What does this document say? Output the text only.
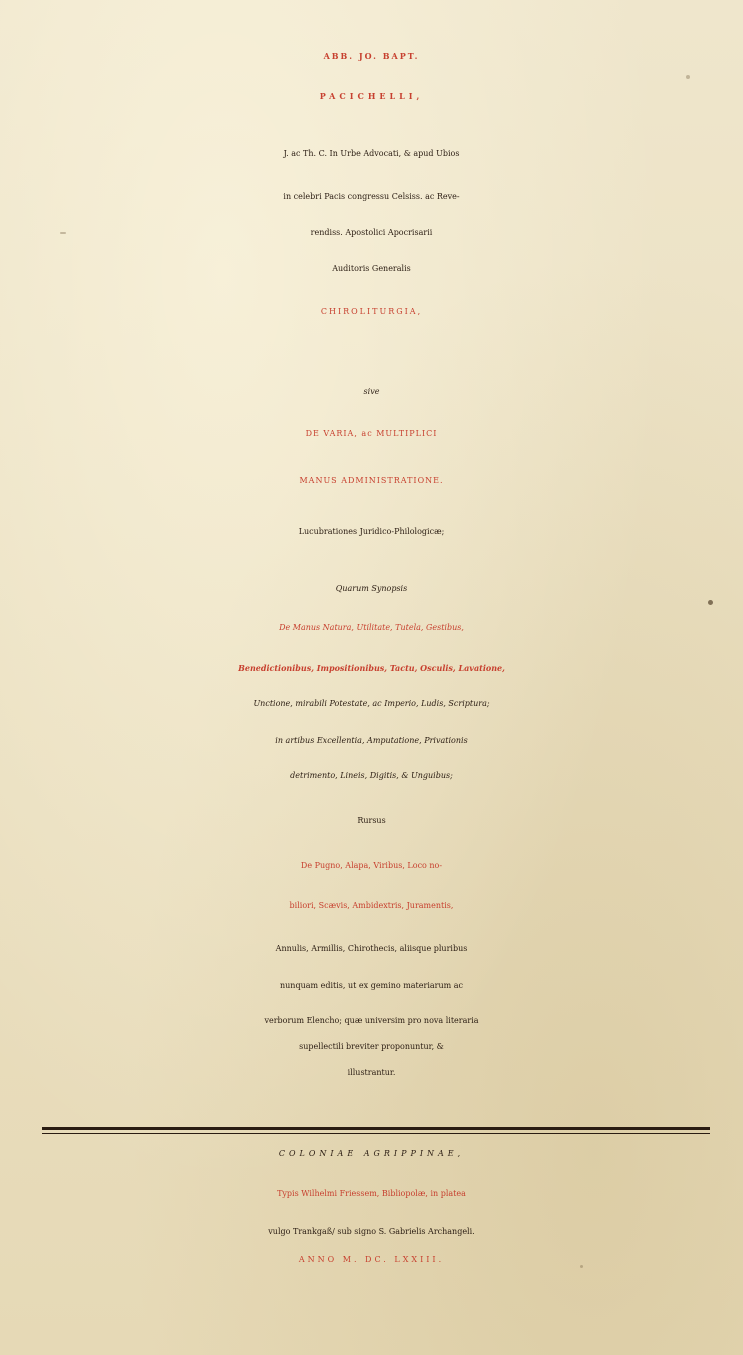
ABB. JO. BAPT.
PACICHELLI,
J. ac Th. C. In Urbe Advocati, & apud Ubios
in celebri Pacis congressu Celsiss. ac Reve-
rendiss. Apostolici Apocrisarii
Auditoris Generalis
CHIROLITURGIA,
sive
DE VARIA, ac MULTIPLICI
MANUS ADMINISTRATIONE.
Lucubrationes Juridico-Philologicæ;
Quarum Synopsis
De Manus Natura, Utilitate, Tutela, Gestibus,
Benedictionibus, Impositionibus, Tactu, Osculis, Lavatione,
Unctione, mirabili Potestate, ac Imperio, Ludis, Scriptura;
in artibus Excellentia, Amputatione, Privationis
detrimento, Lineis, Digitis, & Unguibus;
Rursus
De Pugno, Alapa, Viribus, Loco no-
biliori, Scævis, Ambidextris, Juramentis,
Annulis, Armillis, Chirothecis, aliisque pluribus
nunquam editis, ut ex gemino materiarum ac
verborum Elencho; quæ universim pro nova literaria
supellectili breviter proponuntur, &
illustrantur.
COLONIAE AGRIPPINAE,
Typis Wilhelmi Friessem, Bibliopolæ, in platea
vulgo Trankgaß/ sub signo S. Gabrielis Archangeli.
ANNO M. DC. LXXIII.
